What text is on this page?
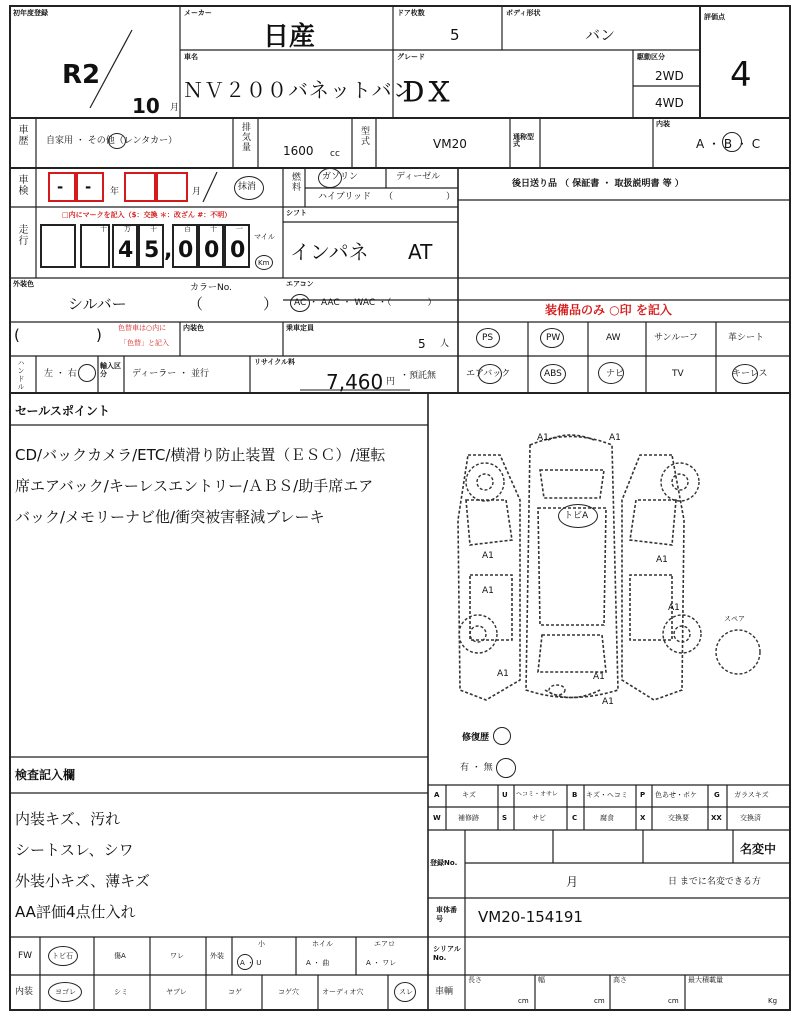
初年度登録
R2
10 月
メーカー
日産
車名
ＮＶ２００バネットバン
ドア枚数
5
ボディ形状
バン
グレード
ＤＸ
駆動区分
2WD
4WD
評価点
4
車歴 自家用 ・ その他（レンタカー）	排気量	1600 cc
型式	VM20	通称型式
内装
A ・ B ・ C
車検 - - 年	月	抹消	燃料 ガソリン	ディーゼル
ハイブリッド （	）
後日送り品 （ 保証書 ・ 取扱説明書 等 ）
走行
□内にマークを記入（$：交換 ＊：改ざん #：不明）
十 万	千	百	十	一
4 5 , 0 0 0
マイル
Km
シフト
インパネ AT
外装色
シルバー
カラーNo.
（　　　　）
エアコン
AC ・ AAC ・ WAC ・（　　　　）	装備品のみ ○印 を記入
(	) 色替車は○内に
「色替」と記入
内装色	乗車定員
5 人
PS	PW	AW	サンルーフ	革シート
エアバック	ABS	ナビ	TV	キーレス
ハンドル 左 ・ 右
輸入区分	ディーラー ・ 並行
リサイクル料
7,460 円
・預託無
セールスポイント
CD/バックカメラ/ETC/横滑り防止装置（ＥＳＣ）/運転
席エアバック/キーレスエントリー/ＡＢＳ/助手席エア
バック/メモリーナビ他/衝突被害軽減ブレーキ
A1	A1
トビA
A1	A1
A1
A1
A1	A1
A1
スペア
修復歴
有 ・ 無
検査記入欄
内装キズ、汚れ
シートスレ、シワ
外装小キズ、薄キズ
AA評価4点仕入れ
A	キズ	U ヘコミ・オサレ B キズ・ヘコミ P 色あせ・ボケ G ガラスキズ
W 補修跡	S	サビ	C	腐食	X	交換要	XX	交換済
登録No.
名変中
月	日 までに名変できる方
車体番号	VM20-154191
シリアルNo.
FW	トビ石	傷A	ワレ	外装
小
A ・ U
ホイル
A ・ 曲
エアロ
A ・ ワレ
内装	ヨゴレ	シミ	ヤブレ	コゲ	コゲ穴	オーディオ穴	スレ 車輌
長さ
cm
幅
cm
高さ
cm
最大積載量
Kg
